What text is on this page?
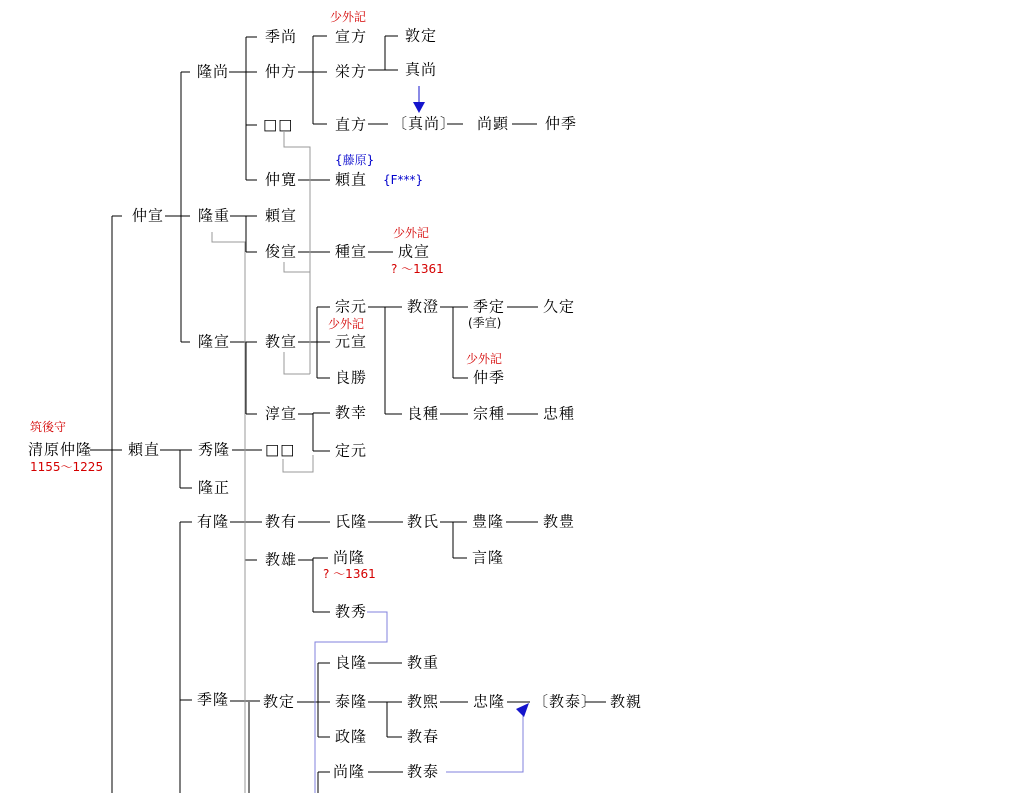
隆尚
季尚
仲方
□□
仲寛
宣方
栄方
直方
頼直
敦定
真尚
〔真尚〕 尚顕 仲季
仲宣 隆重 頼宣
俊宣	種宣 成宣
隆宣 教宣
宗元
元宣
良勝
教澄 季定	久定
仲季
良種 宗種	忠種
淳宣	教幸
定元
清原仲隆 頼直	秀隆
隆正
□□
有隆 教有
教雄
氏隆	教氏 豊隆	教豊
言隆
尚隆
教秀
季隆 教定
良隆
泰隆
政隆
教重
教煕
教春
忠隆 〔教泰〕 教親
尚隆	教泰
少外記
少外記
? ～1361
少外記
少外記
筑後守
1155～1225
? ～1361
{藤原}
{F***}
(季宣)
